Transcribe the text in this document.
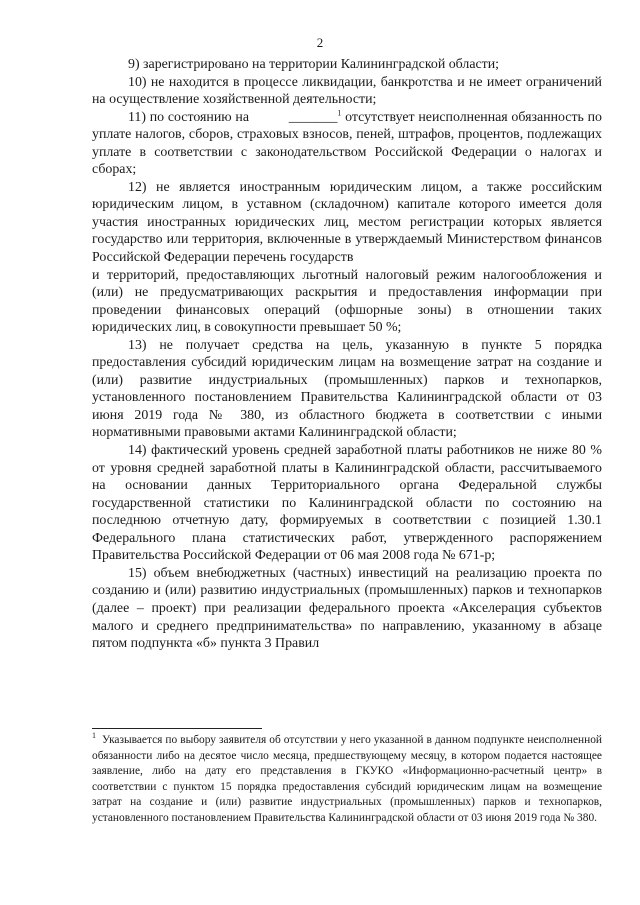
2

9) зарегистрировано на территории Калининградской области;

10) не находится в процессе ликвидации, банкротства и не имеет ограничений на осуществление хозяйственной деятельности;

11) по состоянию на	_______$^1$ отсутствует неисполненная обязанность по уплате налогов, сборов, страховых взносов, пеней, штрафов, процентов, подлежащих уплате в соответствии с законодательством Российской Федерации о налогах и сборах;

12) не является иностранным юридическим лицом, а также российским юридическим лицом, в уставном (складочном) капитале которого имеется доля участия иностранных юридических лиц, местом регистрации которых является государство или территория, включенные в утверждаемый Министерством финансов Российской Федерации перечень государств

и территорий, предоставляющих льготный налоговый режим налогообложения и (или) не предусматривающих раскрытия и предоставления информации при проведении финансовых операций (офшорные зоны) в отношении таких юридических лиц, в совокупности превышает 50 %;

13) не получает средства на цель, указанную в пункте 5 порядка предоставления субсидий юридическим лицам на возмещение затрат на создание и (или) развитие индустриальных (промышленных) парков и технопарков, установленного постановлением Правительства Калининградской области от 03 июня 2019 года № 380, из областного бюджета в соответствии с иными нормативными правовыми актами Калининградской области;

14) фактический уровень средней заработной платы работников не ниже 80 % от уровня средней заработной платы в Калининградской области, рассчитываемого на основании данных Территориального органа Федеральной службы государственной статистики по Калининградской области по состоянию на последнюю отчетную дату, формируемых в соответствии с позицией 1.30.1 Федерального плана статистических работ, утвержденного распоряжением Правительства Российской Федерации от 06 мая 2008 года № 671-р;

15) объем внебюджетных (частных) инвестиций на реализацию проекта по созданию и (или) развитию индустриальных (промышленных) парков и технопарков (далее – проект) при реализации федерального проекта «Акселерация субъектов малого и среднего предпринимательства» по направлению, указанному в абзаце пятом подпункта «б» пункта 3 Правил

$^1$ Указывается по выбору заявителя об отсутствии у него указанной в данном подпункте неисполненной обязанности либо на десятое число месяца, предшествующему месяцу, в котором подается настоящее заявление, либо на дату его представления в ГКУКО «Информационно-расчетный центр» в соответствии с пунктом 15 порядка предоставления субсидий юридическим лицам на возмещение затрат на создание и (или) развитие индустриальных (промышленных) парков и технопарков, установленного постановлением Правительства Калининградской области от 03 июня 2019 года № 380.
